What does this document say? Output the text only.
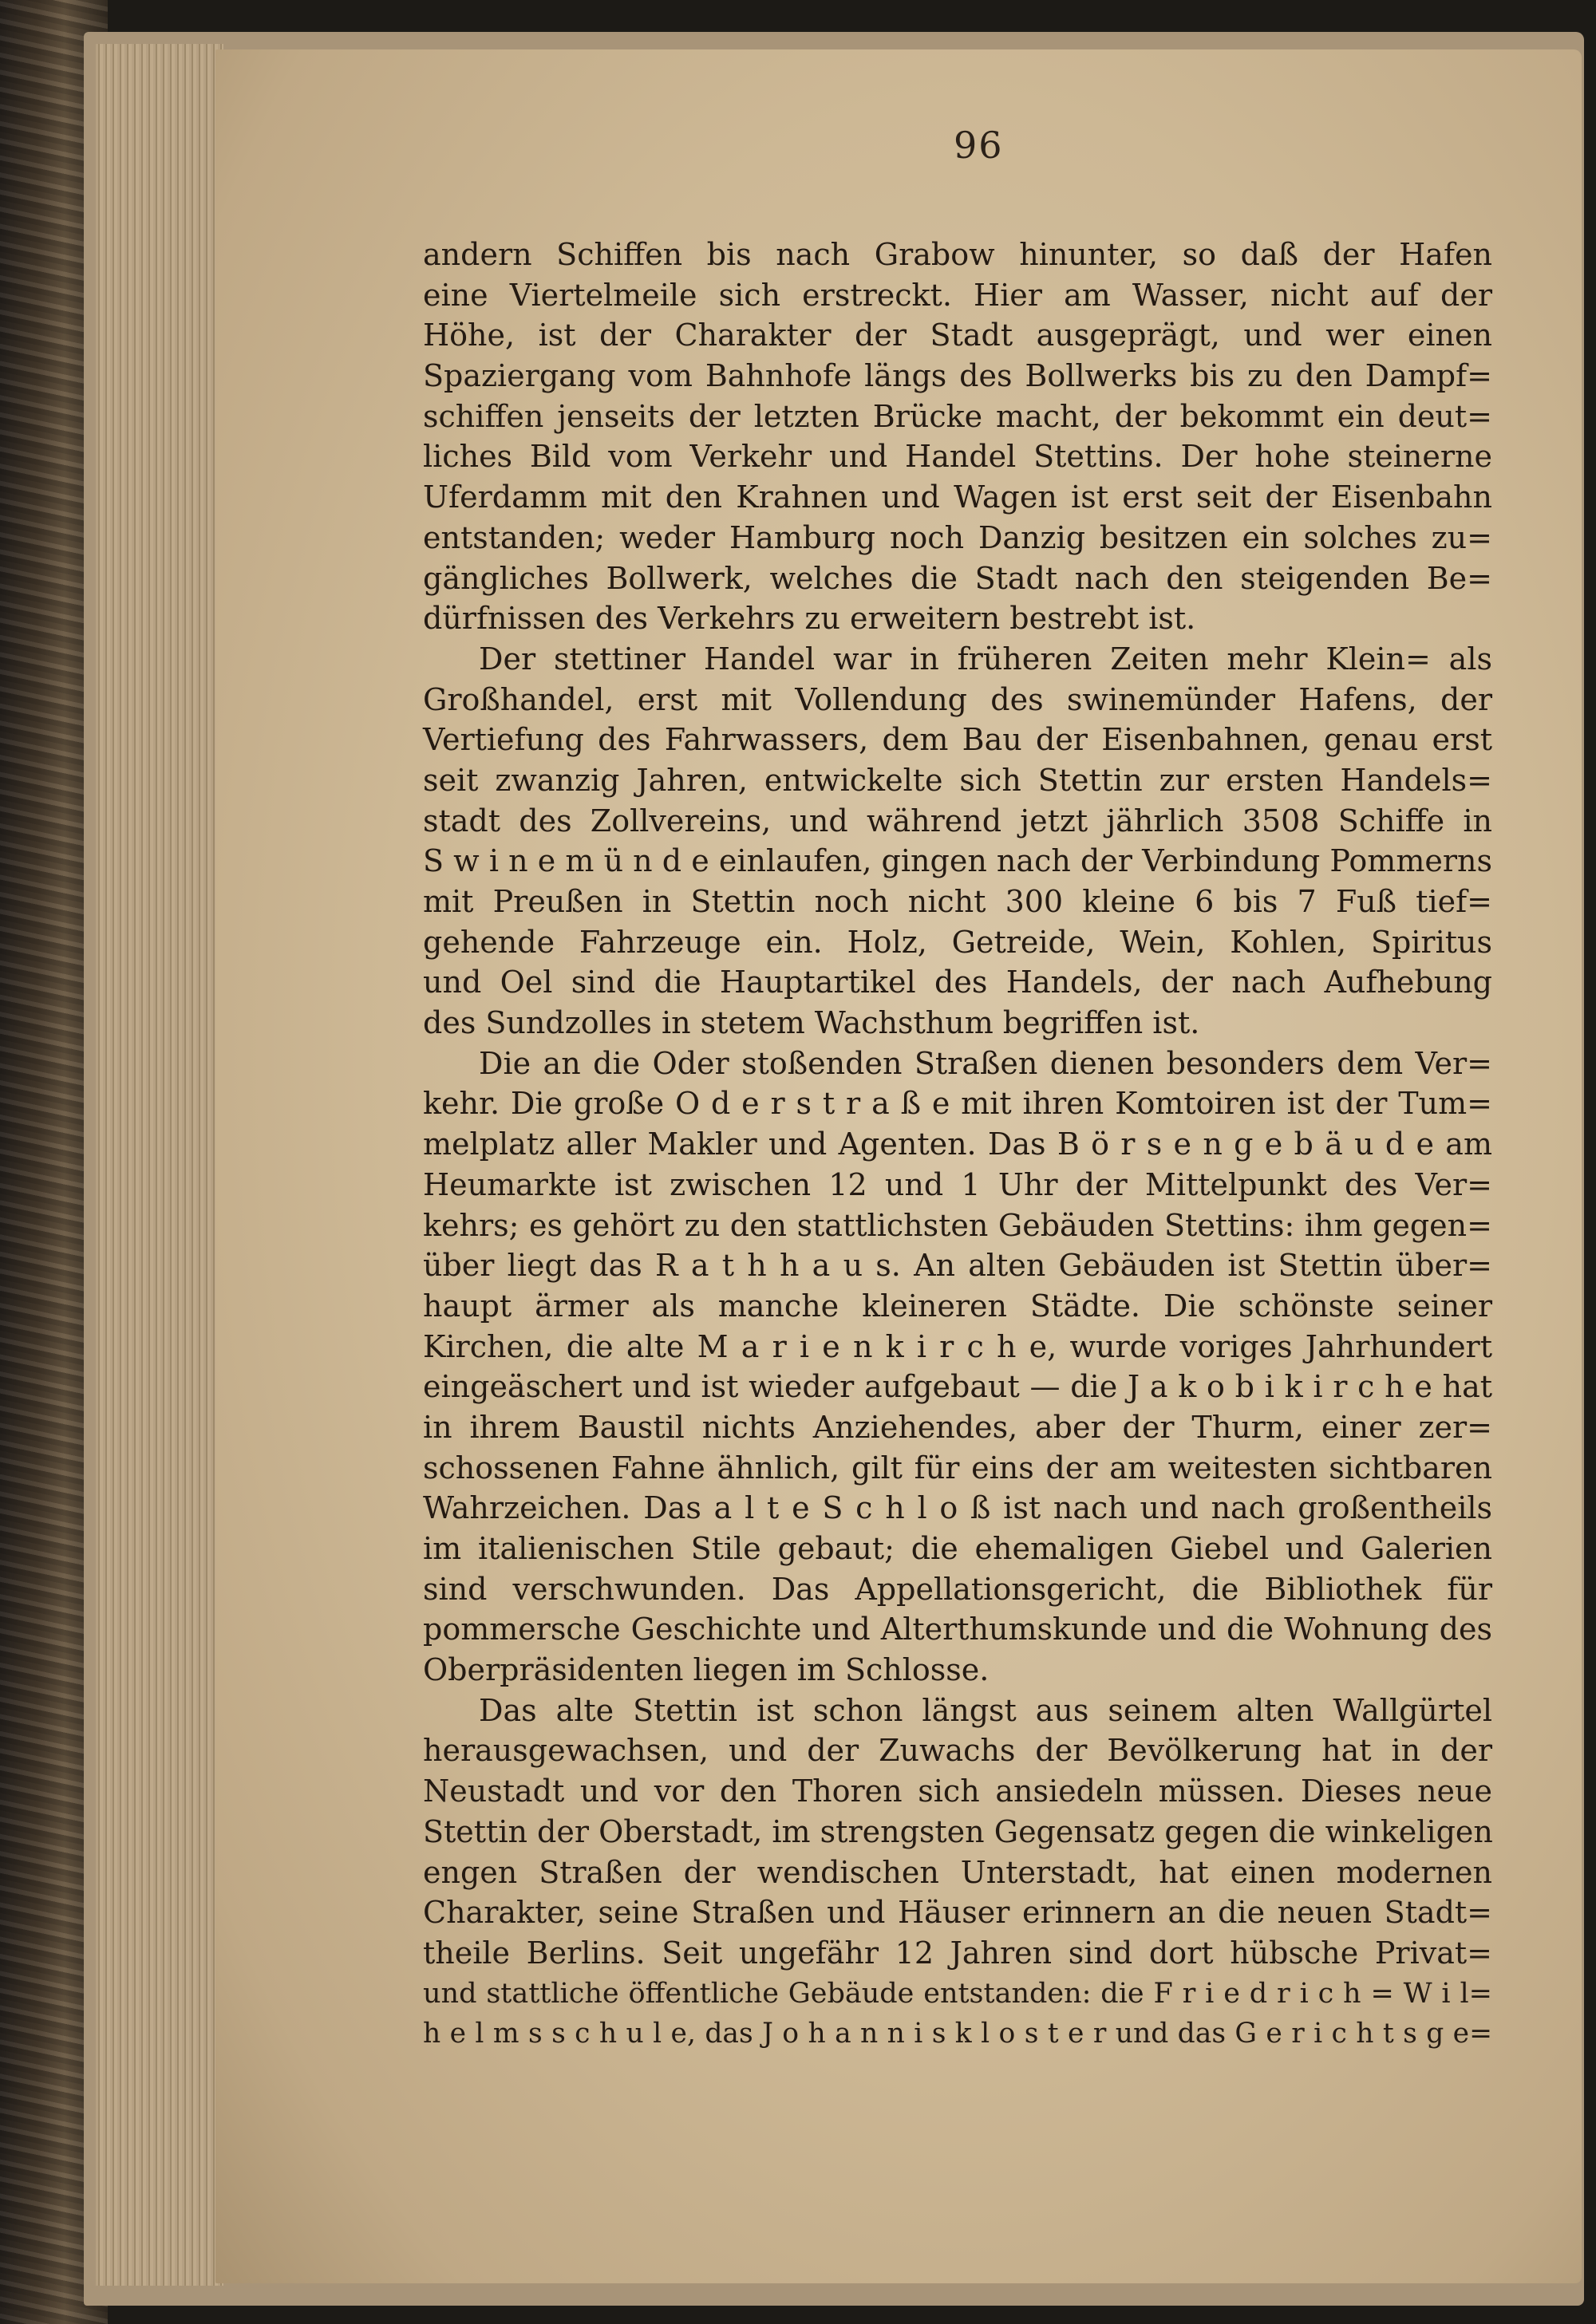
96
andern Schiffen bis nach Grabow hinunter, so daß der Hafen
eine Viertelmeile sich erstreckt. Hier am Wasser, nicht auf der
Höhe, ist der Charakter der Stadt ausgeprägt, und wer einen
Spaziergang vom Bahnhofe längs des Bollwerks bis zu den Dampf=
schiffen jenseits der letzten Brücke macht, der bekommt ein deut=
liches Bild vom Verkehr und Handel Stettins. Der hohe steinerne
Uferdamm mit den Krahnen und Wagen ist erst seit der Eisenbahn
entstanden; weder Hamburg noch Danzig besitzen ein solches zu=
gängliches Bollwerk, welches die Stadt nach den steigenden Be=
dürfnissen des Verkehrs zu erweitern bestrebt ist.
Der stettiner Handel war in früheren Zeiten mehr Klein= als
Großhandel, erst mit Vollendung des swinemünder Hafens, der
Vertiefung des Fahrwassers, dem Bau der Eisenbahnen, genau erst
seit zwanzig Jahren, entwickelte sich Stettin zur ersten Handels=
stadt des Zollvereins, und während jetzt jährlich 3508 Schiffe in
S w i n e m ü n d e einlaufen, gingen nach der Verbindung Pommerns
mit Preußen in Stettin noch nicht 300 kleine 6 bis 7 Fuß tief=
gehende Fahrzeuge ein. Holz, Getreide, Wein, Kohlen, Spiritus
und Oel sind die Hauptartikel des Handels, der nach Aufhebung
des Sundzolles in stetem Wachsthum begriffen ist.
Die an die Oder stoßenden Straßen dienen besonders dem Ver=
kehr. Die große O d e r s t r a ß e mit ihren Komtoiren ist der Tum=
melplatz aller Makler und Agenten. Das B ö r s e n g e b ä u d e am
Heumarkte ist zwischen 12 und 1 Uhr der Mittelpunkt des Ver=
kehrs; es gehört zu den stattlichsten Gebäuden Stettins: ihm gegen=
über liegt das R a t h h a u s. An alten Gebäuden ist Stettin über=
haupt ärmer als manche kleineren Städte. Die schönste seiner
Kirchen, die alte M a r i e n k i r c h e, wurde voriges Jahrhundert
eingeäschert und ist wieder aufgebaut — die J a k o b i k i r c h e hat
in ihrem Baustil nichts Anziehendes, aber der Thurm, einer zer=
schossenen Fahne ähnlich, gilt für eins der am weitesten sichtbaren
Wahrzeichen. Das a l t e S c h l o ß ist nach und nach großentheils
im italienischen Stile gebaut; die ehemaligen Giebel und Galerien
sind verschwunden. Das Appellationsgericht, die Bibliothek für
pommersche Geschichte und Alterthumskunde und die Wohnung des
Oberpräsidenten liegen im Schlosse.
Das alte Stettin ist schon längst aus seinem alten Wallgürtel
herausgewachsen, und der Zuwachs der Bevölkerung hat in der
Neustadt und vor den Thoren sich ansiedeln müssen. Dieses neue
Stettin der Oberstadt, im strengsten Gegensatz gegen die winkeligen
engen Straßen der wendischen Unterstadt, hat einen modernen
Charakter, seine Straßen und Häuser erinnern an die neuen Stadt=
theile Berlins. Seit ungefähr 12 Jahren sind dort hübsche Privat=
und stattliche öffentliche Gebäude entstanden: die F r i e d r i c h = W i l=
h e l m s s c h u l e, das J o h a n n i s k l o s t e r und das G e r i c h t s g e=
